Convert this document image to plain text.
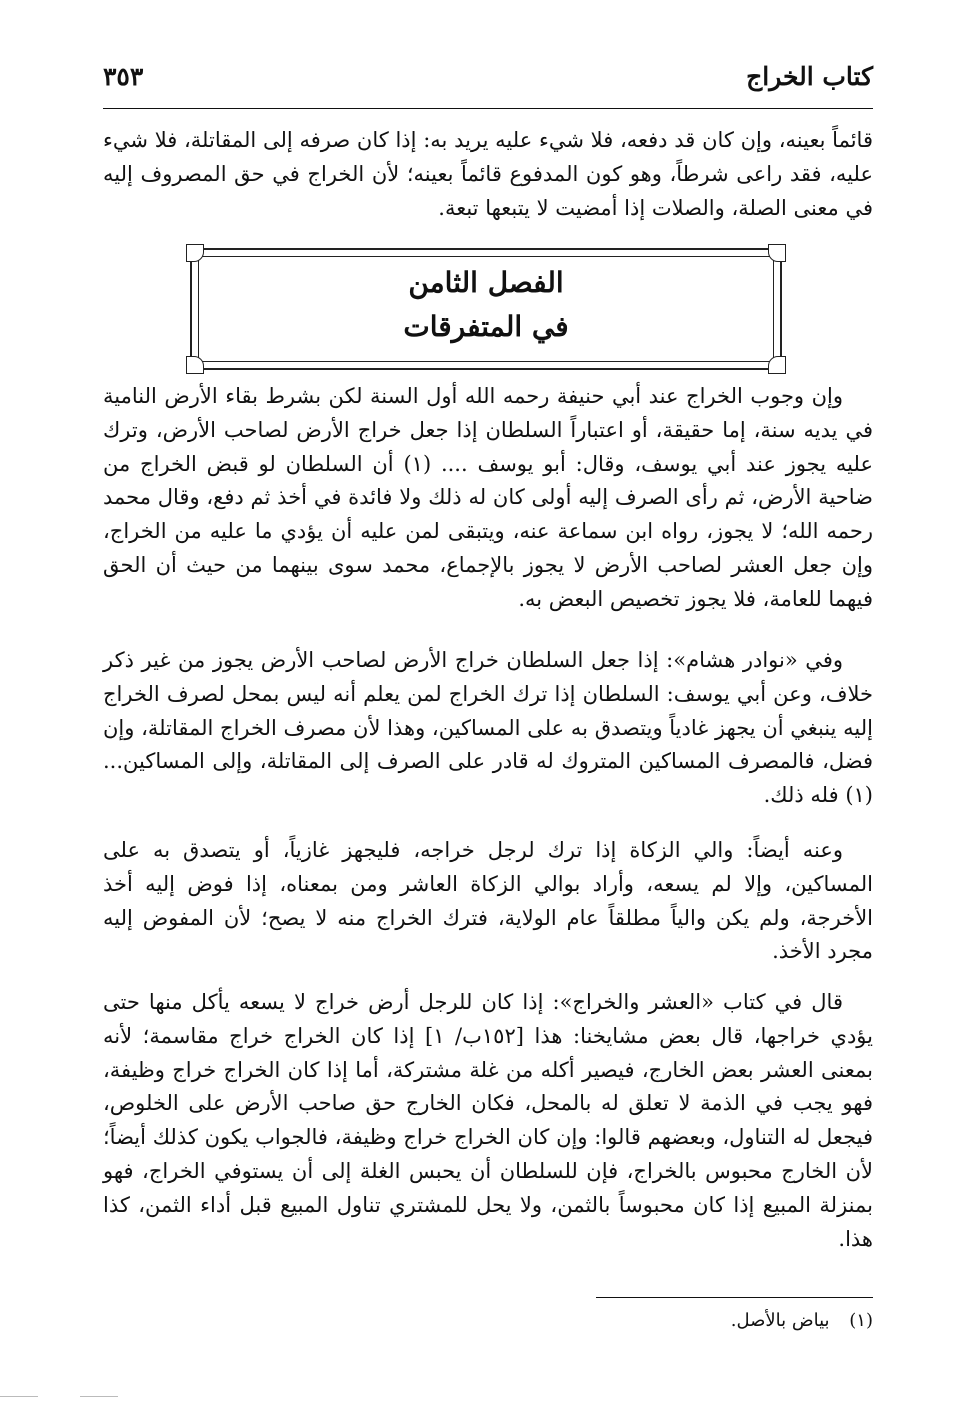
كتاب الخراج
٣٥٣

قائماً بعينه، وإن كان قد دفعه، فلا شيء عليه يريد به: إذا كان صرفه إلى المقاتلة، فلا شيء عليه، فقد راعى شرطاً، وهو كون المدفوع قائماً بعينه؛ لأن الخراج في حق المصروف إليه في معنى الصلة، والصلات إذا أمضيت لا يتبعها تبعة.

الفصل الثامن
في المتفرقات

وإن وجوب الخراج عند أبي حنيفة رحمه الله أول السنة لكن بشرط بقاء الأرض النامية في يديه سنة، إما حقيقة، أو اعتباراً السلطان إذا جعل خراج الأرض لصاحب الأرض، وترك عليه يجوز عند أبي يوسف، وقال: أبو يوسف .... (١) أن السلطان لو قبض الخراج من ضاحية الأرض، ثم رأى الصرف إليه أولى كان له ذلك ولا فائدة في أخذ ثم دفع، وقال محمد رحمه الله؛ لا يجوز، رواه ابن سماعة عنه، ويتبقى لمن عليه أن يؤدي ما عليه من الخراج، وإن جعل العشر لصاحب الأرض لا يجوز بالإجماع، محمد سوى بينهما من حيث أن الحق فيهما للعامة، فلا يجوز تخصيص البعض به.

وفي «نوادر هشام»: إذا جعل السلطان خراج الأرض لصاحب الأرض يجوز من غير ذكر خلاف، وعن أبي يوسف: السلطان إذا ترك الخراج لمن يعلم أنه ليس بمحل لصرف الخراج إليه ينبغي أن يجهز غادياً ويتصدق به على المساكين، وهذا لأن مصرف الخراج المقاتلة، وإن فضل، فالمصرف المساكين المتروك له قادر على الصرف إلى المقاتلة، وإلى المساكين... (١) فله ذلك.

وعنه أيضاً: والي الزكاة إذا ترك لرجل خراجه، فليجهز غازياً، أو يتصدق به على المساكين، وإلا لم يسعه، وأراد بوالي الزكاة العاشر ومن بمعناه، إذا فوض إليه أخذ الأخرجة، ولم يكن والياً مطلقاً عام الولاية، فترك الخراج منه لا يصح؛ لأن المفوض إليه مجرد الأخذ.

قال في كتاب «العشر والخراج»: إذا كان للرجل أرض خراج لا يسعه يأكل منها حتى يؤدي خراجها، قال بعض مشايخنا: هذا [١٥٢ب/ ١] إذا كان الخراج خراج مقاسمة؛ لأنه بمعنى العشر بعض الخارج، فيصير أكله من غلة مشتركة، أما إذا كان الخراج خراج وظيفة، فهو يجب في الذمة لا تعلق له بالمحل، فكان الخارج حق صاحب الأرض على الخلوص، فيجعل له التناول، وبعضهم قالوا: وإن كان الخراج خراج وظيفة، فالجواب يكون كذلك أيضاً؛ لأن الخارج محبوس بالخراج، فإن للسلطان أن يحبس الغلة إلى أن يستوفي الخراج، فهو بمنزلة المبيع إذا كان محبوساً بالثمن، ولا يحل للمشتري تناول المبيع قبل أداء الثمن، كذا هذا.

(١) بياض بالأصل.
